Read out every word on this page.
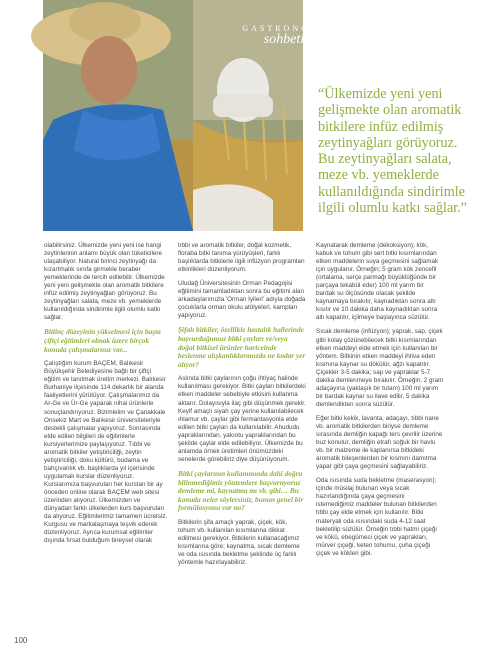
GASTRONOMİ
sohbeti

“Ülkemizde yeni yeni gelişmekte olan aromatik bitkilere infüz edilmiş zeytinyağları görüyoruz. Bu zeytinyağları salata, meze vb. yemeklerde kullanıldığında sindirimle ilgili olumlu katkı sağlar.”

olabilirsiniz. Ülkemizde yeni yeni ise hangi zeytinlerinin anlamı büyük olan tüketicilere ulaşabiliyor. Natural birinci zeytinyağı da kızartmalık sınıfa girmekle beraber yemeklerinde de tercih edilebilir. Ülkemizde yeni yeni gelişmekte olan aromatik bitkilere infüz edilmiş zeytinyağları görüyoruz. Bu zeytinyağları salata, meze vb. yemeklerde kullanıldığında sindirimle ilgili olumlu katkı sağlar.

Bitlinç düzeyinin yükselmesi için başta çiftçi eğitimleri olmak üzere birçok konuda çalışmalarınız var...

Çalıştığım kurum BAÇEM, Balıkesir Büyükşehir Belediyesine bağlı bir çiftçi eğitim ve tanıtmak üretim merkezi. Balıkesir Burhaniye ilçesinde 114 dekarlık bir alanda faaliyetlerini yürütüyor. Çalışmalarımız da Ar-Ge ve Ür-Ge yaparak nihai ürünlerle sonuçlandırıyoruz. Bizimlelim ve Çanakkale Onsekiz Mart ve Balıkesir üniversiteleriyle destekli çalışmalar yapıyoruz. Sonrasında elde edilen bilgileri de eğitimlerle kursiyerlerimize paylaşıyoruz. Tıbbi ve aromatik bitkiler yetiştiriciliği, zeytin yetiştiriciliği, doku kültürü, budama ve bahçıvanlık vb. başlıklarda yıl içerisinde uygulamalı kurslar düzenliyoruz. Kurslarımıza başvuruları her kurstan bir ay önceden online olarak BAÇEM web sitesi üzerinden alıyoruz. Ülkemizden ve dünyadan farklı ülkelerden kurs başvuruları da alıyoruz. Eğitimlerimiz tamamen ücretsiz. Kurgusu ve markalaşmaya teşvik ederek düzenliyoruz. Ayrıca kurumsal eğitimler dışında fırsat bulduğum bireysel olarak

tıbbi ve aromatik bitkiler, doğal kozmetik, floraba bitki tanıma yürüyüşleri, farklı başlıklarda bitkilerle ilgili infüzyon programları etkinlikleri düzenliyorum.

Uludağ Üniversitesinin Orman Pedagojisi eğitimini tamamladıktan sonra bu eğitimi alan arkadaşlarımızla 'Orman İyileri' adıyla doğada çocuklarla orman okulu atölyeleri, kampları yapıyoruz.

Şifalı bitkiler, özellikle hastalık hallerinde başvurduğumuz bitki çayları ve/veya doğal bitkisel ürünler hariceinde beslenme alışkanlıklarımızda ne kadar yer alıyor?

Aslında bitki çaylarının çoğu ihtiyaç halinde kullanılması gerekiyor. Bitki çayları bitkilerdeki etken maddeler sebebiyle etkisini kullanma aktarır. Dolayısıyla ilaç gibi düşünmek gerekir. Keyif amaçlı siyah çay yerine kullanılabilecek ıhlamur vb. çaylar gibi fermantasyonla elde edilen bitki çayları da kullanılabilir. Ahududu yapraklarından, yakıotu yapraklarından bu şekilde çaylar elde edilebiliyor. Ülkemizde bu anlamda örnek üretimleri önümüzdeki senelerde görebiliriz diye düşünüyorum.

Bitki çaylarının kullanımında dahi doğru bilinmediğimiz yöntemlere başvuruyoruz demleme mi, kaynatma mı vb. gibi… Bu konuda neler söylersiniz, bunun genel bir formülasyonu var mı?

Bitkilerin şifa amaçlı yaprak, çiçek, kök, tohum vb. kullanılan kısımlarına dikkat edilmesi gerekiyor. Bitkilerin kullanacağımız kısımlarına göre; kaynatma, sıcak demleme ve oda ısısında bekletme şeklinde üç farklı yöntemle hazırlayabiliriz.

Kaynatarak demleme (dekoksiyon); kök, kabuk ve tohum gibi sert bitki kısımlarından etken maddelerin suya geçmesini sağlamak için uygulanır. Örneğin; 5 gram kök zencefil (ortalama, serçe parmağı büyüklüğünde bir parçaya tekabül eder) 100 ml yarım bir bardak su ölçüsünde olacak şekilde kaynamaya bırakılır, kaynadıktan sonra altı kısılır ve 10 dakika daha kaynadıktan sonra altı kapatılır, içilmeye başlayınca süzülür.

Sıcak demleme (infüzyon); yaprak, sap, çiçek gibi kolay çözünebilecek bitki kısımlarından etken maddeyi elde etmek için kullanılan bir yöntem. Bitkinin etken maddeyi ihtiva eden kısmına kaynar su dökülür, ağzı kapatılır. Çiçekler 3-5 dakika; sap ve yapraklar 5-7 dakika demlenmeye bırakılır. Örneğin; 2 gram adaçayına (yaklaşık bir tutam) 100 ml yarım bir bardak kaynar su ilave edilir, 5 dakika demlendikten sonra süzülür.

Eğer bitki kekik, lavanta, adaçayı, tıbbi nane vb. aromatik bitkilerden biriyse demleme sırasında demliğin kapağı ters çevrilir üzerine buz konulur, demliğin etrafı soğuk bir havlu vb. bir malzeme ile kaplanırsa bitkideki aromatik bileşenlerden bir kısmını damıtma yapar gibi çaya geçmesini sağlayabiliriz.

Oda ısısında suda bekletme (maserasyon); içinde müsilaj bulunan veya sıcak hazırlandığında çaya geçmesini istemediğimiz maddeler bulunan bitkilerden tıbbi çay elde etmek için kullanılır. Bitki materyali oda ısısındaki suda 4-12 saat bekletilip süzülür. Örneğin tıbbi hatmi çiçeği ve kökü, ebegümeci çiçek ve yaprakları, mürver çiçeği, keten tohumu, çuha çiçeği çiçek ve kökleri gibi.

100
